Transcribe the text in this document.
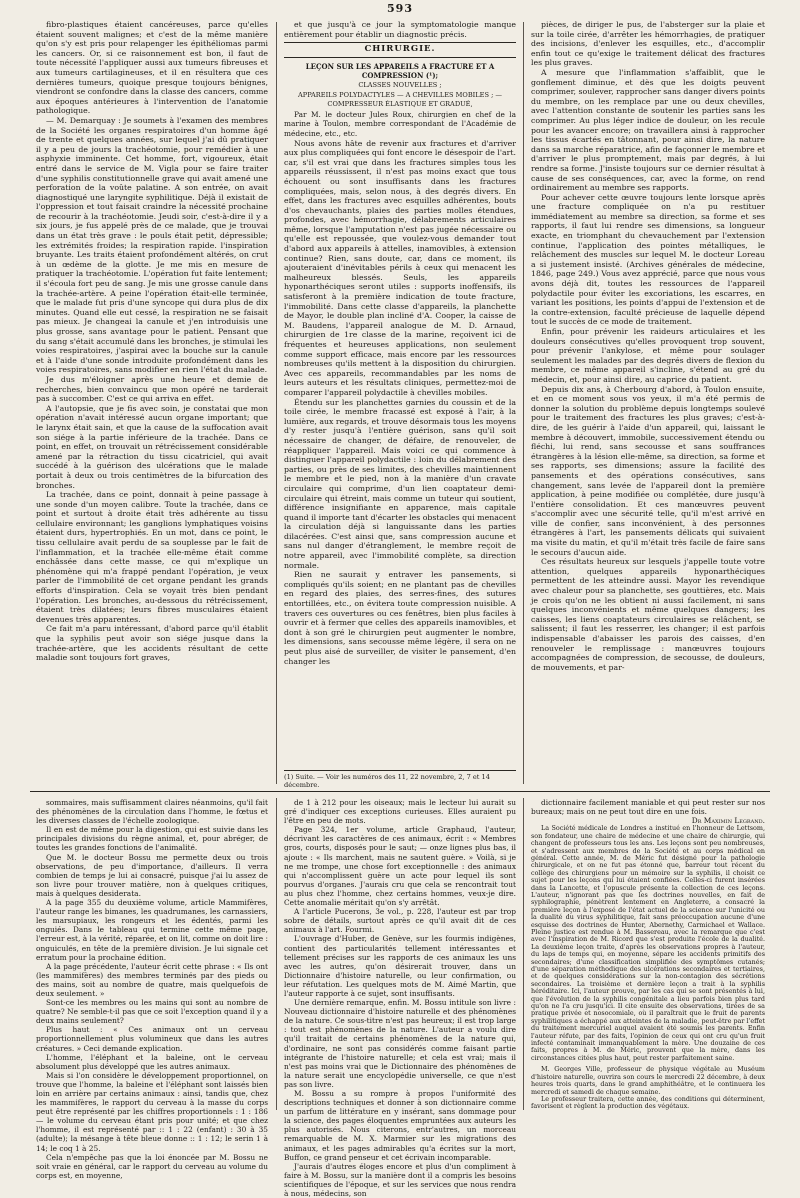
593

fibro-plastiques étaient cancéreuses, parce qu'elles étaient souvent malignes; et c'est de la même manière qu'on s'y est pris pour relapenger les épithéliomas parmi les cancers. Or, si ce raisonnement est bon, il faut de toute nécessité l'appliquer aussi aux tumeurs fibreuses et aux tumeurs cartilagineuses, et il en résultera que ces dernières tumeurs, quoique presque toujours bénignes, viendront se confondre dans la classe des cancers, comme aux époques antérieures à l'intervention de l'anatomie pathologique.

— M. Demarquay : Je soumets à l'examen des membres de la Société les organes respiratoires d'un homme âgé de trente et quelques années, sur lequel j'ai dû pratiquer il y a peu de jours la trachéotomie, pour remédier à une asphyxie imminente. Cet homme, fort, vigoureux, était entré dans le service de M. Vigla pour se faire traiter d'une syphilis constitutionnelle grave qui avait amené une perforation de la voûte palatine. A son entrée, on avait diagnostiqué une laryngite syphilitique. Déjà il existait de l'oppression et tout faisait craindre la nécessité prochaine de recourir à la trachéotomie. Jeudi soir, c'est-à-dire il y a six jours, je fus appelé près de ce malade, que je trouvai dans un état très grave : le pouls était petit, dépressible; les extrémités froides; la respiration rapide. l'inspiration bruyante. Les traits étaient profondément altérés, on crut à un œdème de la glotte. Je me mis en mesure de pratiquer la trachéotomie. L'opération fut faite lentement; il s'écoula fort peu de sang. Je mis une grosse canule dans la trachée-artère. A peine l'opération était-elle terminée, que le malade fut pris d'une syncope qui dura plus de dix minutes. Quand elle eut cessé, la respiration ne se faisait pas mieux. Je changeai la canule et j'en introduisis une plus grosse, sans avantage pour le patient. Pensant que du sang s'était accumulé dans les bronches, je stimulai les voies respiratoires, j'aspirai avec la bouche sur la canule et à l'aide d'une sonde introduite profondément dans les voies respiratoires, sans modifier en rien l'état du malade.

Je dus m'éloigner après une heure et demie de recherches, bien convaincu que mon opéré ne tarderait pas à succomber. C'est ce qui arriva en effet.

A l'autopsie, que je fis avec soin, je constatai que mon opération n'avait intéressé aucun organe important; que le larynx était sain, et que la cause de la suffocation avait son siége à la partie inférieure de la trachée. Dans ce point, en effet, on trouvait un rétrécissement considérable amené par la rétraction du tissu cicatriciel, qui avait succédé à la guérison des ulcérations que le malade portait à deux ou trois centimètres de la bifurcation des bronches.

La trachée, dans ce point, donnait à peine passage à une sonde d'un moyen calibre. Toute la trachée, dans ce point et surtout à droite était très adhérente au tissu cellulaire environnant; les ganglions lymphatiques voisins étaient durs, hypertrophiés. En un mot, dans ce point, le tissu cellulaire avait perdu de sa souplesse par le fait de l'inflammation, et la trachée elle-même était comme enchâssée dans cette masse, ce qui m'explique un phénomène qui m'a frappé pendant l'opération, je veux parler de l'immobilité de cet organe pendant les grands efforts d'inspiration. Cela se voyait très bien pendant l'opération. Les bronches, au-dessous du rétrécissement, étaient très dilatées; leurs fibres musculaires étaient devenues très apparentes.

Ce fait m'a paru intéressant, d'abord parce qu'il établit que la syphilis peut avoir son siége jusque dans la trachée-artère, que les accidents résultant de cette maladie sont toujours fort graves,

et que jusqu'à ce jour la symptomatologie manque entièrement pour établir un diagnostic précis.

CHIRURGIE.

LEÇON SUR LES APPAREILS A FRACTURE ET A COMPRESSION (¹);

CLASSES NOUVELLES ;

APPAREILS POLYDACTYLES — A CHEVILLES MOBILES ; — COMPRESSEUR ÉLASTIQUE ET GRADUÉ,

Par M. le docteur Jules Roux, chirurgien en chef de la marine à Toulon, membre correspondant de l'Académie de médecine, etc., etc.

Nous avons hâte de revenir aux fractures et d'arriver aux plus compliquées qui font encore le désespoir de l'art. car, s'il est vrai que dans les fractures simples tous les appareils réussissent, il n'est pas moins exact que tous échouent ou sont insuffisants dans les fractures compliquées, mais, selon nous, à des degrés divers. En effet, dans les fractures avec esquilles adhérentes, bouts d'os chevauchants, plaies des parties molles étendues, profondes, avec hémorrhagie, délabrements articulaires même, lorsque l'amputation n'est pas jugée nécessaire ou qu'elle est repoussée, que voulez-vous demander tout d'abord aux appareils à attelles, inamovibles, à extension continue? Rien, sans doute, car, dans ce moment, ils ajouteraient d'inévitables périls à ceux qui menacent les malheureux blessés. Seuls, les appareils hyponarthéciques seront utiles : supports inoffensifs, ils satisferont à la première indication de toute fracture, l'immobilité. Dans cette classe d'appareils, la planchette de Mayor, le double plan incliné d'A. Cooper, la caisse de M. Baudens, l'appareil analogue de M. D. Arnaud, chirurgien de 1re classe de la marine, reçoivent ici de fréquentes et heureuses applications, non seulement comme support efficace, mais encore par les ressources nombreuses qu'ils mettent à la disposition du chirurgien. Avec ces appareils, recommandables par les noms de leurs auteurs et les résultats cliniques, permettez-moi de comparer l'appareil polydactile à chevilles mobiles.

Étendu sur les planchettes garnies du coussin et de la toile cirée, le membre fracassé est exposé à l'air, à la lumière, aux regards, et trouve désormais tous les moyens d'y rester jusqu'à l'entière guérison, sans qu'il soit nécessaire de changer, de défaire, de renouveler, de réappliquer l'appareil. Mais voici ce qui commence à distinguer l'appareil polydactile : loin du délabrement des parties, ou près de ses limites, des chevilles maintiennent le membre et le pied, non à la manière d'un cravate circulaire qui comprime, d'un lien coaptateur demi-circulaire qui étreint, mais comme un tuteur qui soutient, différence insignifiante en apparence, mais capitale quand il importe tant d'écarter les obstacles qui menacent la circulation déjà si languissante dans les parties dilacérées. C'est ainsi que, sans compression aucune et sans nul danger d'étranglement, le membre reçoit de notre appareil, avec l'immobilité complète, sa direction normale.

Rien ne saurait y entraver les pansements, si compliqués qu'ils soient; en ne plantant pas de chevilles en regard des plaies, des serres-fines, des sutures entortillées, etc., on évitera toute compression nuisible. A travers ces ouvertures ou ces fenêtres, bien plus faciles à ouvrir et à fermer que celles des appareils inamovibles, et dont à son gré le chirurgien peut augmenter le nombre, les dimensions, sans secousse même légère, il sera on ne peut plus aisé de surveiller, de visiter le pansement, d'en changer les

(1) Suite. — Voir les numéros des 11, 22 novembre, 2, 7 et 14 décembre.

pièces, de diriger le pus, de l'absterger sur la plaie et sur la toile cirée, d'arrêter les hémorrhagies, de pratiquer des incisions, d'enlever les esquilles, etc., d'accomplir enfin tout ce qu'exige le traitement délicat des fractures les plus graves.

A mesure que l'inflammation s'affaiblit, que le gonflement diminue, et dès que les doigts peuvent comprimer, soulever, rapprocher sans danger divers points du membre, on les remplace par une ou deux chevilles, avec l'attention constante de soutenir les parties sans les comprimer. Au plus léger indice de douleur, on les recule pour les avancer encore; on travaillera ainsi à rapprocher les tissus écartés en tâtonnant, pour ainsi dire, la nature dans sa marche réparatrice, afin de façonner le membre et d'arriver le plus promptement, mais par degrés, à lui rendre sa forme. J'insiste toujours sur ce dernier résultat à cause de ses conséquences, car, avec la forme, on rend ordinairement au membre ses rapports.

Pour achever cette œuvre toujours lente lorsque après une fracture compliquée on n'a pu restituer immédiatement au membre sa direction, sa forme et ses rapports, il faut lui rendre ses dimensions, sa longueur exacte, en triomphant du chevauchement par l'extension continue, l'application des pointes métalliques, le relâchement des muscles sur lequel M. le docteur Loreau a si justement insisté. (Archives générales de médecine, 1846, page 249.) Vous avez apprécié, parce que nous vous avons déjà dit, toutes les ressources de l'appareil polydactile pour éviter les excoriations, les escarres, en variant les positions, les points d'appui de l'extension et de la contre-extension, faculté précieuse de laquelle dépend tout le succès de ce mode de traitement.

Enfin, pour prévenir les raideurs articulaires et les douleurs consécutives qu'elles provoquent trop souvent, pour prévenir l'ankylose, et même pour soulager seulement les malades par des degrés divers de flexion du membre, ce même appareil s'incline, s'étend au gré du médecin, et, pour ainsi dire, au caprice du patient.

Depuis dix ans, à Cherbourg d'abord, à Toulon ensuite, et en ce moment sous vos yeux, il m'a été permis de donner la solution du problème depuis longtemps soulevé pour le traitement des fractures les plus graves; c'est-à-dire, de les guérir à l'aide d'un appareil, qui, laissant le membre à découvert, immobile, successivement étendu ou fléchi, lui rend, sans secousse et sans souffrances étrangères à la lésion elle-même, sa direction, sa forme et ses rapports, ses dimensions; assure la facilité des pansements et des opérations consécutives, sans changement, sans levée de l'appareil dont la première application, à peine modifiée ou complétée, dure jusqu'à l'entière consolidation. Et ces manœuvres peuvent s'accomplir avec une sécurité telle, qu'il m'est arrivé en ville de confier, sans inconvénient, à des personnes étrangères à l'art, les pansements délicats qui suivaient ma visite du matin, et qu'il m'était très facile de faire sans le secours d'aucun aide.

Ces résultats heureux sur lesquels j'appelle toute votre attention, quelques appareils hyponarthéciques permettent de les atteindre aussi. Mayor les revendique avec chaleur pour sa planchette, ses gouttières, etc. Mais je crois qu'on ne les obtient ni aussi facilement, ni sans quelques inconvénients et même quelques dangers; les caisses, les liens coaptateurs circulaires se relâchent, se salissent; il faut les resserrer, les changer; il est parfois indispensable d'abaisser les parois des caisses, d'en renouveler le remplissage : manœuvres toujours accompagnées de compression, de secousse, de douleurs, de mouvements, et par-

sommaires, mais suffisamment claires néanmoins, qu'il fait des phénomènes de la circulation dans l'homme, le fœtus et les diverses classes de l'échelle zoologique.

Il en est de même pour la digestion, qui est suivie dans les principales divisions du règne animal, et, pour abréger, de toutes les grandes fonctions de l'animalité.

Que M. le docteur Bossu me permette deux ou trois observations, de peu d'importance, d'ailleurs. Il verra combien de temps je lui ai consacré, puisque j'ai lu assez de son livre pour trouver matière, non à quelques critiques, mais à quelques desiderata.

A la page 355 du deuxième volume, article Mammifères, l'auteur range les bimanes, les quadrumanes, les carnassiers, les marsupiaux, les rongeurs et les édentés, parmi les onguiés. Dans le tableau qui termine cette même page, l'erreur est, à la vérité, réparée, et on lit, comme on doit lire : onguiculés, en tête de la première division. Je lui signale cet erratum pour la prochaine édition.

A la page précédente, l'auteur écrit cette phrase : « Ils ont (les mammifères) des membres terminés par des pieds ou des mains, soit au nombre de quatre, mais quelquefois de deux seulement. »

Sont-ce les membres ou les mains qui sont au nombre de quatre? Ne semble-t-il pas que ce soit l'exception quand il y a deux mains seulement?

Plus haut : « Ces animaux ont un cerveau proportionnellement plus volumineux que dans les autres créatures. » Ceci demande explication.

L'homme, l'éléphant et la baleine, ont le cerveau absolument plus développé que les autres animaux.

Mais si l'on considère le développement proportionnel, on trouve que l'homme, la baleine et l'éléphant sont laissés bien loin en arrière par certains animaux : ainsi, tandis que, chez les mammifères, le rapport du cerveau à la masse du corps peut être représenté par les chiffres proportionnels : 1 : 186 — le volume du cerveau étant pris pour unité; et que chez l'homme, il est représenté par :: 1 : 22 (enfant) : 30 à 35 (adulte); la mésange à tête bleue donne :: 1 : 12; le serin 1 à 14; le coq 1 à 25.

Cela n'empêche pas que la loi énoncée par M. Bossu ne soit vraie en général, car le rapport du cerveau au volume du corps est, en moyenne,

de 1 à 212 pour les oiseaux; mais le lecteur lui aurait su gré d'indiquer ces exceptions curieuses. Elles auraient pu l'être en peu de mots.

Page 324, 1er volume, article Graphaud, l'auteur, décrivant les caractères de ces animaux, écrit : « Membres gros, courts, disposés pour le saut; — onze lignes plus bas, il ajoute : « Ils marchent, mais ne sautent guère. » Voilà, si je ne me trompe, une chose fort exceptionnelle : des animaux qui n'accomplissent guère un acte pour lequel ils sont pourvus d'organes. J'aurais cru que cela se rencontrait tout au plus chez l'homme, chez certains hommes, veux-je dire. Cette anomalie méritait qu'on s'y arrêtât.

A l'article Pucerons, 3e vol., p. 228, l'auteur est par trop sobre de détails, surtout après ce qu'il avait dit de ces animaux à l'art. Fourmi.

L'ouvrage d'Huber, de Genève, sur les fourmis indigènes, contient des particularités tellement intéressantes et tellement précises sur les rapports de ces animaux les uns avec les autres, qu'on désirerait trouver, dans un Dictionnaire d'histoire naturelle, ou leur confirmation, ou leur réfutation. Les quelques mots de M. Aimé Martin, que l'auteur rapporte à ce sujet, sont insuffisants.

Une dernière remarque, enfin. M. Bossu intitule son livre : Nouveau dictionnaire d'histoire naturelle et des phénomènes de la nature. Ce sous-titre n'est pas heureux; il est trop large : tout est phénomènes de la nature. L'auteur a voulu dire qu'il traitait de certains phénomènes de la nature qui, d'ordinaire, ne sont pas considérés comme faisant partie intégrante de l'histoire naturelle; et cela est vrai; mais il n'est pas moins vrai que le Dictionnaire des phénomènes de la nature serait une encyclopédie universelle, ce que n'est pas son livre.

M. Bossu a su rompre à propos l'uniformité des descriptions techniques et donner à son dictionnaire comme un parfum de littérature en y insérant, sans dommage pour la science, des pages éloquentes empruntées aux auteurs les plus autorisés. Nous citerons, entr'autres, un morceau remarquable de M. X. Marmier sur les migrations des animaux, et les pages admirables qu'a écrites sur la mort, Buffon, ce grand penseur et cet écrivain incomparable.

J'aurais d'autres éloges encore et plus d'un compliment à faire à M. Bossu, sur la manière dont il a compris les besoins scientifiques de l'époque, et sur les services que nous rendra à nous, médecins, son

dictionnaire facilement maniable et qui peut rester sur nos bureaux; mais on ne peut tout dire en une fois.

Dr Maximin Legrand.

La Société médicale de Londres a institué en l'honneur de Lettsom, son fondateur, une chaire de médecine et une chaire de chirurgie, qui changent de professeurs tous les ans. Les leçons sont peu nombreuses, et s'adressent aux membres de la Société et au corps médical en général. Cette année, M. de Méric fut désigné pour la pathologie chirurgicale, et on ne fut pas étonné que, barreur tout récent du collège des chirurgiens pour un mémoire sur la syphilis, il choisit ce sujet pour les leçons qui lui étaient confiées. Celles-ci furent insérées dans la Lancette, et l'opuscule présente la collection de ces leçons. L'auteur, n'ignorant pas que les doctrines nouvelles, en fait de syphilographie, pénètrent lentement en Angleterre, a consacré la première leçon à l'exposé de l'état actuel de la science sur l'unicité ou la dualité du virus syphilitique, fait sans préoccupation aucune d'une esquisse des doctrines de Hunter, Abernethy, Carmichael et Wallace. Pleine justice est rendue à M. Bassereau, avec la remarque que c'est avec l'inspiration de M. Ricord que s'est produite l'école de la dualité. La deuxième leçon traite, d'après les observations propres à l'auteur, du laps de temps qui, en moyenne, sépare les accidents primitifs des secondaires; d'une classification simplifiée des symptômes cutanés; d'une séparation méthodique des ulcérations secondaires et tertiaires, et de quelques considérations sur la non-contagion des sécrétions secondaires. La troisième et dernière leçon a trait à la syphilis héréditaire. Ici, l'auteur prouve, par les cas qui se sont présentés à lui, que l'évolution de la syphilis congénitale a lieu parfois bien plus tard qu'on ne l'a cru jusqu'ici. Il cite ensuite des observations, tirées de sa pratique privée et nosocomiale, où il paraîtrait que le fruit de parents syphilitiques a échappé aux atteintes de la maladie, peut-être par l'effet du traitement mercuriel auquel avaient été soumis les parents. Enfin l'auteur réfute, par des faits, l'opinion de ceux qui ont cru qu'un fruit infecté contaminait immanquablement la mère. Une douzaine de ces faits, propres à M. de Méric, prouvent que la mère, dans les circonstances citées plus haut, peut rester parfaitement saine.

M. Georges Ville, professeur de physique végétale au Muséum d'histoire naturelle, ouvrira son cours le mercredi 22 décembre, à deux heures trois quarts, dans le grand amphithéâtre, et le continuera les mercredi et samedi de chaque semaine.

Le professeur traitera, cette année, des conditions qui déterminent, favorisent et règlent la production des végétaux.
